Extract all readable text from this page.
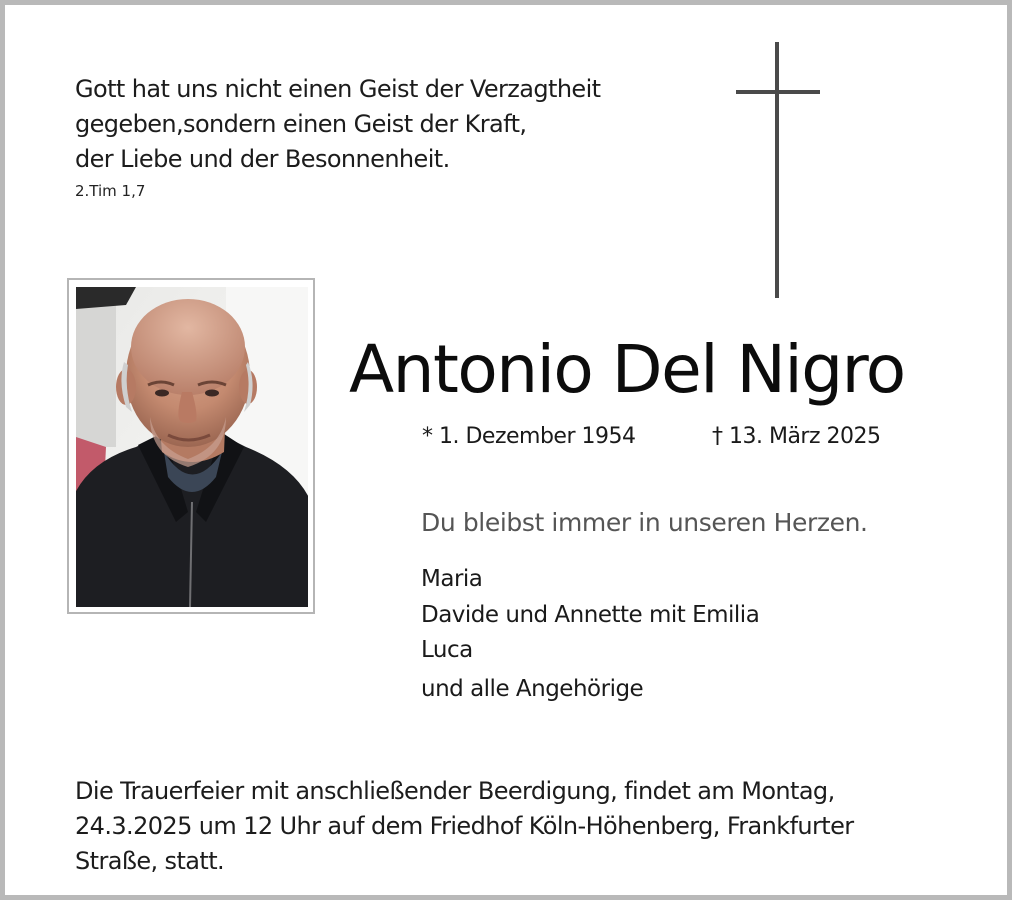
Gott hat uns nicht einen Geist der Verzagtheit
gegeben,sondern einen Geist der Kraft,
der Liebe und der Besonnenheit.
2.Tim 1,7
Antonio Del Nigro
* 1. Dezember 1954	† 13. März 2025
Du bleibst immer in unseren Herzen.
Maria
Davide und Annette mit Emilia
Luca
und alle Angehörige
Die Trauerfeier mit anschließender Beerdigung, findet am Montag,
24.3.2025 um 12 Uhr auf dem Friedhof Köln-Höhenberg, Frankfurter
Straße, statt.
